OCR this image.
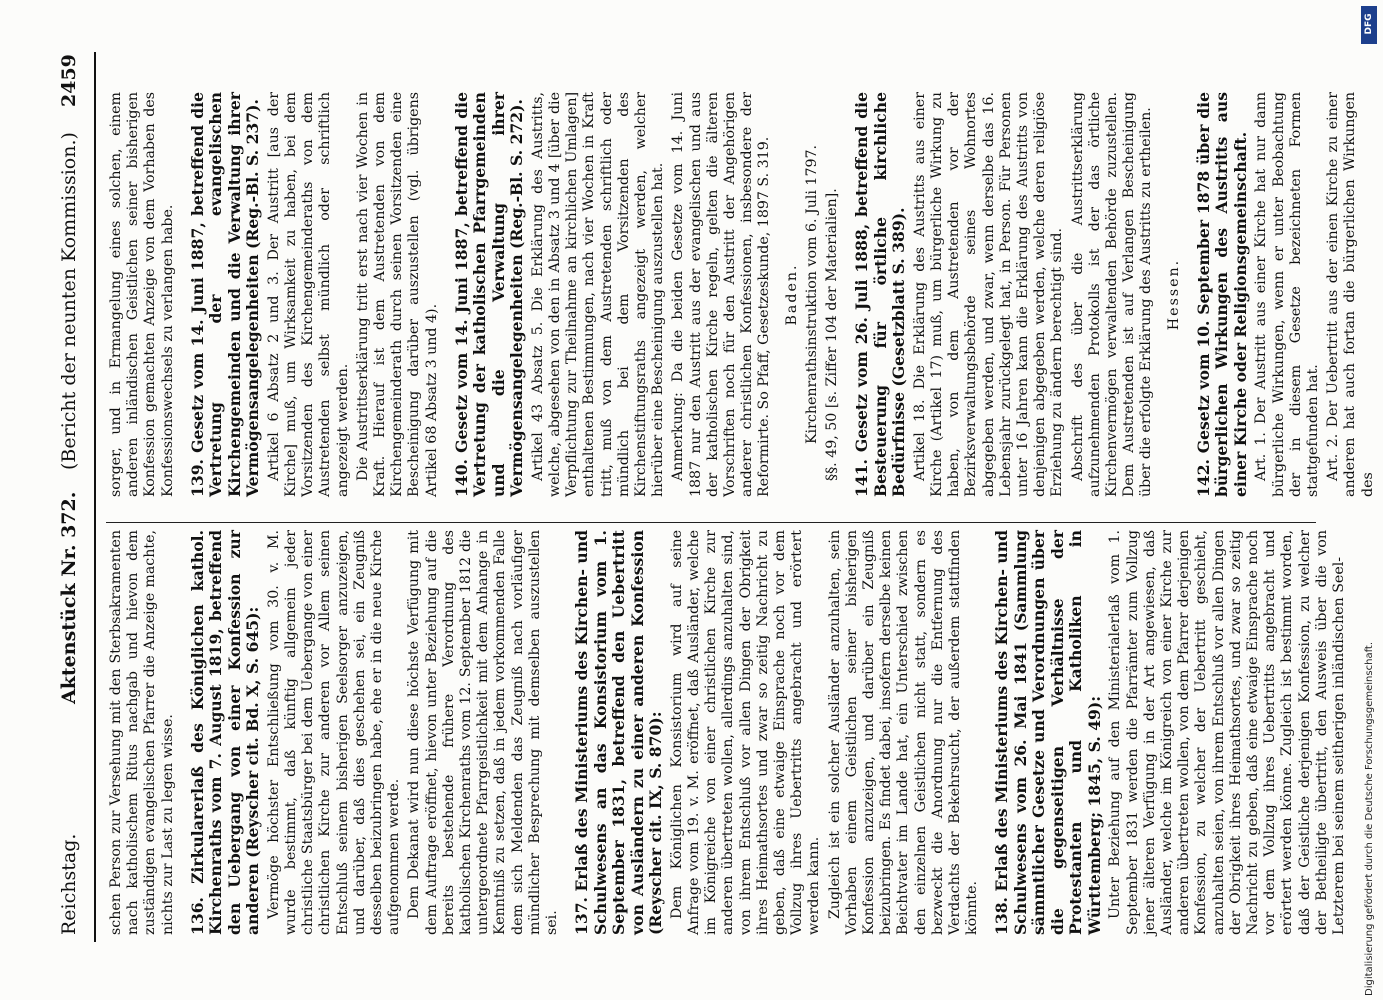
Reichstag.
Aktenstück Nr. 372.
(Bericht der neunten Kommission.)
2459

schen Person zur Versehung mit den Sterbsakramenten nach katholischem Ritus nachgab und hievon dem zuständigen evangelischen Pfarrer die Anzeige machte, nichts zur Last zu legen wisse. 136. Zirkularerlaß des Königlichen kathol. Kirchenraths vom 7. August 1819, betreffend den Uebergang von einer Konfession zur anderen (Reyscher cit. Bd. X, S. 645): Vermöge höchster Entschließung vom 30. v. M. wurde bestimmt, daß künftig allgemein jeder christliche Staatsbürger bei dem Uebergange von einer christlichen Kirche zur anderen vor Allem seinen Entschluß seinem bisherigen Seelsorger anzuzeigen, und darüber, daß dies geschehen sei, ein Zeugniß desselben beizubringen habe, ehe er in die neue Kirche aufgenommen werde. Dem Dekanat wird nun diese höchste Verfügung mit dem Auftrage eröffnet, hievon unter Beziehung auf die bereits bestehende frühere Verordnung des katholischen Kirchenraths vom 12. September 1812 die untergeordnete Pfarrgeistlichkeit mit dem Anhange in Kenntniß zu setzen, daß in jedem vorkommenden Falle dem sich Meldenden das Zeugniß nach vorläufiger mündlicher Besprechung mit demselben auszustellen sei. 137. Erlaß des Ministeriums des Kirchen- und Schulwesens an das Konsistorium vom 1. September 1831, betreffend den Uebertritt von Ausländern zu einer anderen Konfession (Reyscher cit. IX, S. 870): Dem Königlichen Konsistorium wird auf seine Anfrage vom 19. v. M. eröffnet, daß Ausländer, welche im Königreiche von einer christlichen Kirche zur anderen übertreten wollen, allerdings anzuhalten sind, von ihrem Entschluß vor allen Dingen der Obrigkeit ihres Heimathsortes und zwar so zeitig Nachricht zu geben, daß eine etwaige Einsprache noch vor dem Vollzug ihres Uebertritts angebracht und erörtert werden kann. Zugleich ist ein solcher Ausländer anzuhalten, sein Vorhaben einem Geistlichen seiner bisherigen Konfession anzuzeigen, und darüber ein Zeugniß beizubringen. Es findet dabei, insofern derselbe keinen Beichtvater im Lande hat, ein Unterschied zwischen den einzelnen Geistlichen nicht statt, sondern es bezweckt die Anordnung nur die Entfernung des Verdachts der Bekehrsucht, der außerdem stattfinden könnte. 138. Erlaß des Ministeriums des Kirchen- und Schulwesens vom 26. Mai 1841 (Sammlung sämmtlicher Gesetze und Verordnungen über die gegenseitigen Verhältnisse der Protestanten und Katholiken in Württemberg; 1845, S. 49): Unter Beziehung auf den Ministerialerlaß vom 1. September 1831 werden die Pfarrämter zum Vollzug jener älteren Verfügung in der Art angewiesen, daß Ausländer, welche im Königreich von einer Kirche zur anderen übertreten wollen, von dem Pfarrer derjenigen Konfession, zu welcher der Uebertritt geschieht, anzuhalten seien, von ihrem Entschluß vor allen Dingen der Obrigkeit ihres Heimathsortes, und zwar so zeitig Nachricht zu geben, daß eine etwaige Einsprache noch vor dem Vollzug ihres Uebertritts angebracht und erörtert werden könne. Zugleich ist bestimmt worden, daß der Geistliche derjenigen Konfession, zu welcher der Betheiligte übertritt, den Ausweis über die von Letzterem bei seinem seitherigen inländischen Seel-

sorger, und in Ermangelung eines solchen, einem anderen inländischen Geistlichen seiner bisherigen Konfession gemachten Anzeige von dem Vorhaben des Konfessionswechsels zu verlangen habe. 139. Gesetz vom 14. Juni 1887, betreffend die Vertretung der evangelischen Kirchengemeinden und die Verwaltung ihrer Vermögensangelegenheiten (Reg.-Bl. S. 237). Artikel 6 Absatz 2 und 3. Der Austritt [aus der Kirche] muß, um Wirksamkeit zu haben, bei dem Vorsitzenden des Kirchengemeinderaths von dem Austretenden selbst mündlich oder schriftlich angezeigt werden. Die Austrittserklärung tritt erst nach vier Wochen in Kraft. Hierauf ist dem Austretenden von dem Kirchengemeinderath durch seinen Vorsitzenden eine Bescheinigung darüber auszustellen (vgl. übrigens Artikel 68 Absatz 3 und 4). 140. Gesetz vom 14. Juni 1887, betreffend die Vertretung der katholischen Pfarrgemeinden und die Verwaltung ihrer Vermögensangelegenheiten (Reg.-Bl. S. 272). Artikel 43 Absatz 5. Die Erklärung des Austritts, welche, abgesehen von den in Absatz 3 und 4 [über die Verpflichtung zur Theilnahme an kirchlichen Umlagen] enthaltenen Bestimmungen, nach vier Wochen in Kraft tritt, muß von dem Austretenden schriftlich oder mündlich bei dem Vorsitzenden des Kirchenstiftungsraths angezeigt werden, welcher hierüber eine Bescheinigung auszustellen hat. Anmerkung: Da die beiden Gesetze vom 14. Juni 1887 nur den Austritt aus der evangelischen und aus der katholischen Kirche regeln, gelten die älteren Vorschriften noch für den Austritt der Angehörigen anderer christlichen Konfessionen, insbesondere der Reformirte. So Pfaff, Gesetzeskunde, 1897 S. 319. Baden. Kirchenrathsinstruktion vom 6. Juli 1797. §§. 49, 50 [s. Ziffer 104 der Materialien]. 141. Gesetz vom 26. Juli 1888, betreffend die Besteuerung für örtliche kirchliche Bedürfnisse (Gesetzblatt S. 389). Artikel 18. Die Erklärung des Austritts aus einer Kirche (Artikel 17) muß, um bürgerliche Wirkung zu haben, von dem Austretenden vor der Bezirksverwaltungsbehörde seines Wohnortes abgegeben werden, und zwar, wenn derselbe das 16. Lebensjahr zurückgelegt hat, in Person. Für Personen unter 16 Jahren kann die Erklärung des Austritts von denjenigen abgegeben werden, welche deren religiöse Erziehung zu ändern berechtigt sind. Abschrift des über die Austrittserklärung aufzunehmenden Protokolls ist der das örtliche Kirchenvermögen verwaltenden Behörde zuzustellen. Dem Austretenden ist auf Verlangen Bescheinigung über die erfolgte Erklärung des Austritts zu ertheilen. Hessen. 142. Gesetz vom 10. September 1878 über die bürgerlichen Wirkungen des Austritts aus einer Kirche oder Religionsgemeinschaft. Art. 1. Der Austritt aus einer Kirche hat nur dann bürgerliche Wirkungen, wenn er unter Beobachtung der in diesem Gesetze bezeichneten Formen stattgefunden hat. Art. 2. Der Uebertritt aus der einen Kirche zu einer anderen hat auch fortan die bürgerlichen Wirkungen des

Digitalisierung gefördert durch die Deutsche Forschungsgemeinschaft.
DFG
